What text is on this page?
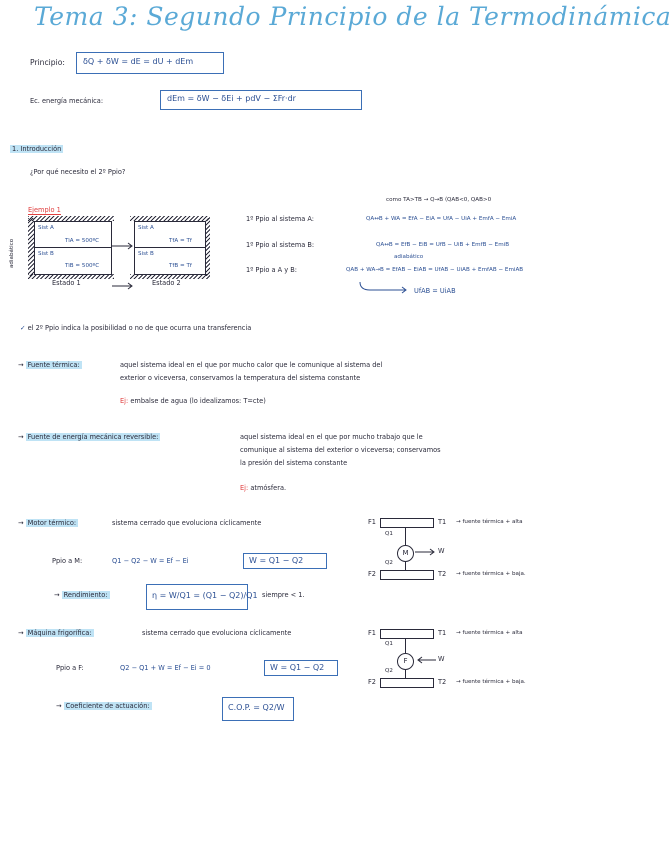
Tema 3: Segundo Principio de la Termodinámica
Principio: δQ + δW = dE = dU + dEm
Ec. energía mecánica:	dEm = δW − δEi + pdV − ΣFr·dr
1. Introducción
¿Por qué necesito el 2º Ppio?
Ejemplo 1
adiabático
Sist A
TiA = 500ºC
Sist B
TiB = 500ºC
Estado 1
Sist A
TfA = Tf
Sist B
TfB = Tf
Estado 2
como TA>TB → Q→B ⟨QAB<0, QAB>0
1º Ppio al sistema A:	QA↔B + WA = EfA − EiA = UfA − UiA + EmfA − EmiA
1º Ppio al sistema B:	QA↔B = EfB − EiB = UfB − UiB + EmfB − EmiB
adiabático
1º Ppio a A y B:	QAB + WA→B = EfAB − EiAB = UfAB − UiAB + EmfAB − EmiAB
UfAB = UiAB
✓ el 2º Ppio indica la posibilidad o no de que ocurra una transferencia
→ Fuente térmica:	aquel sistema ideal en el que por mucho calor que le comunique al sistema del
exterior o viceversa, conservamos la temperatura del sistema constante
Ej: embalse de agua (lo idealizamos: T=cte)
→ Fuente de energía mecánica reversible:	aquel sistema ideal en el que por mucho trabajo que le
comunique al sistema del exterior o viceversa; conservamos
la presión del sistema constante
Ej: atmósfera.
→ Motor térmico:	sistema cerrado que evoluciona cíclicamente
Ppio a M:	Q1 − Q2 − W = Ef − Ei	W = Q1 − Q2
→ Rendimiento:	η = W/Q1 = (Q1 − Q2)/Q1 siempre < 1.
F1	T1 → fuente térmica + alta
Q1
M	W
Q2
F2	T2 → fuente térmica + baja.
→ Máquina frigorífica:	sistema cerrado que evoluciona cíclicamente
Ppio a F:	Q2 − Q1 + W = Ef − Ei = 0	W = Q1 − Q2
→ Coeficiente de actuación:	C.O.P. = Q2/W
F1	T1 → fuente térmica + alta
Q1
F	W
Q2
F2	T2 → fuente térmica + baja.
